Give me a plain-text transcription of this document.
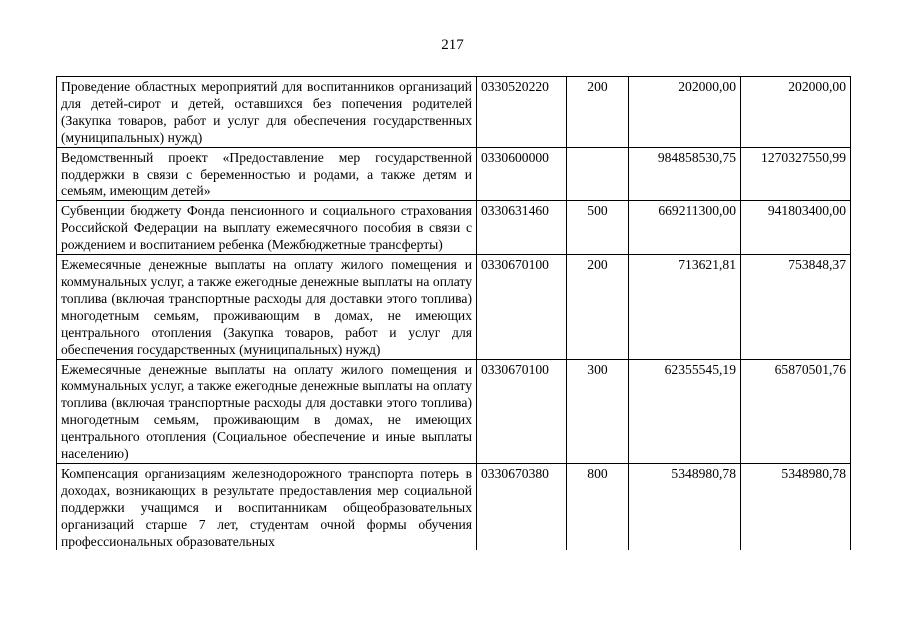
217
Проведение областных мероприятий для воспитанников организаций для детей-сирот и детей, оставшихся без попечения родителей (Закупка товаров, работ и услуг для обеспечения государственных (муниципальных) нужд)	0330520220	200	202000,00	202000,00
Ведомственный проект «Предоставление мер государственной поддержки в связи с беременностью и родами, а также детям и семьям, имеющим детей»	0330600000		984858530,75	1270327550,99
Субвенции бюджету Фонда пенсионного и социального страхования Российской Федерации на выплату ежемесячного пособия в связи с рождением и воспитанием ребенка (Межбюджетные трансферты)	0330631460	500	669211300,00	941803400,00
Ежемесячные денежные выплаты на оплату жилого помещения и коммунальных услуг, а также ежегодные денежные выплаты на оплату топлива (включая транспортные расходы для доставки этого топлива) многодетным семьям, проживающим в домах, не имеющих центрального отопления (Закупка товаров, работ и услуг для обеспечения государственных (муниципальных) нужд)	0330670100	200	713621,81	753848,37
Ежемесячные денежные выплаты на оплату жилого помещения и коммунальных услуг, а также ежегодные денежные выплаты на оплату топлива (включая транспортные расходы для доставки этого топлива) многодетным семьям, проживающим в домах, не имеющих центрального отопления (Социальное обеспечение и иные выплаты населению)	0330670100	300	62355545,19	65870501,76
Компенсация организациям железнодорожного транспорта потерь в доходах, возникающих в результате предоставления мер социальной поддержки учащимся и воспитанникам общеобразовательных организаций старше 7 лет, студентам очной формы обучения профессиональных образовательных	0330670380	800	5348980,78	5348980,78
